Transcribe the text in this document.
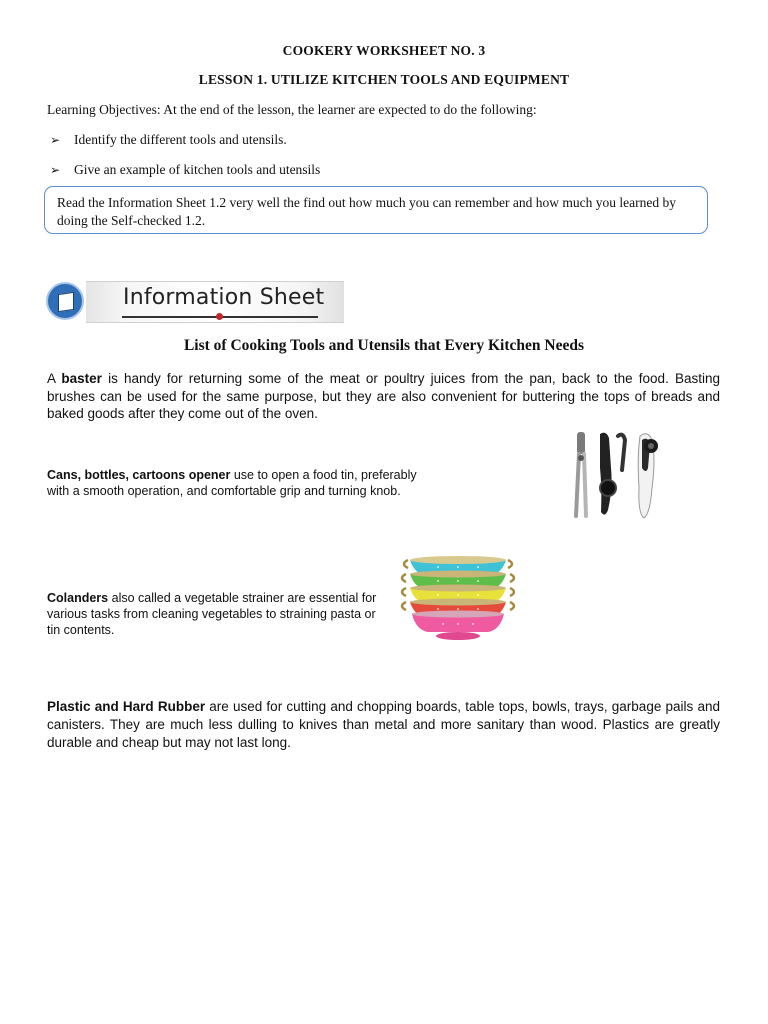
COOKERY WORKSHEET NO. 3
LESSON 1. UTILIZE KITCHEN TOOLS AND EQUIPMENT
Learning Objectives: At the end of the lesson, the learner are expected to do the following:
➢ Identify the different tools and utensils.
➢ Give an example of kitchen tools and utensils
Read the Information Sheet 1.2 very well the find out how much you can remember and how much you learned by doing the Self-checked 1.2.
Information Sheet
List of Cooking Tools and Utensils that Every Kitchen Needs
A baster is handy for returning some of the meat or poultry juices from the pan, back to the food. Basting brushes can be used for the same purpose, but they are also convenient for buttering the tops of breads and baked goods after they come out of the oven.
Cans, bottles, cartoons opener use to open a food tin, preferably with a smooth operation, and comfortable grip and turning knob.
Colanders also called a vegetable strainer are essential for various tasks from cleaning vegetables to straining pasta or tin contents.
Plastic and Hard Rubber are used for cutting and chopping boards, table tops, bowls, trays, garbage pails and canisters. They are much less dulling to knives than metal and more sanitary than wood. Plastics are greatly durable and cheap but may not last long.
